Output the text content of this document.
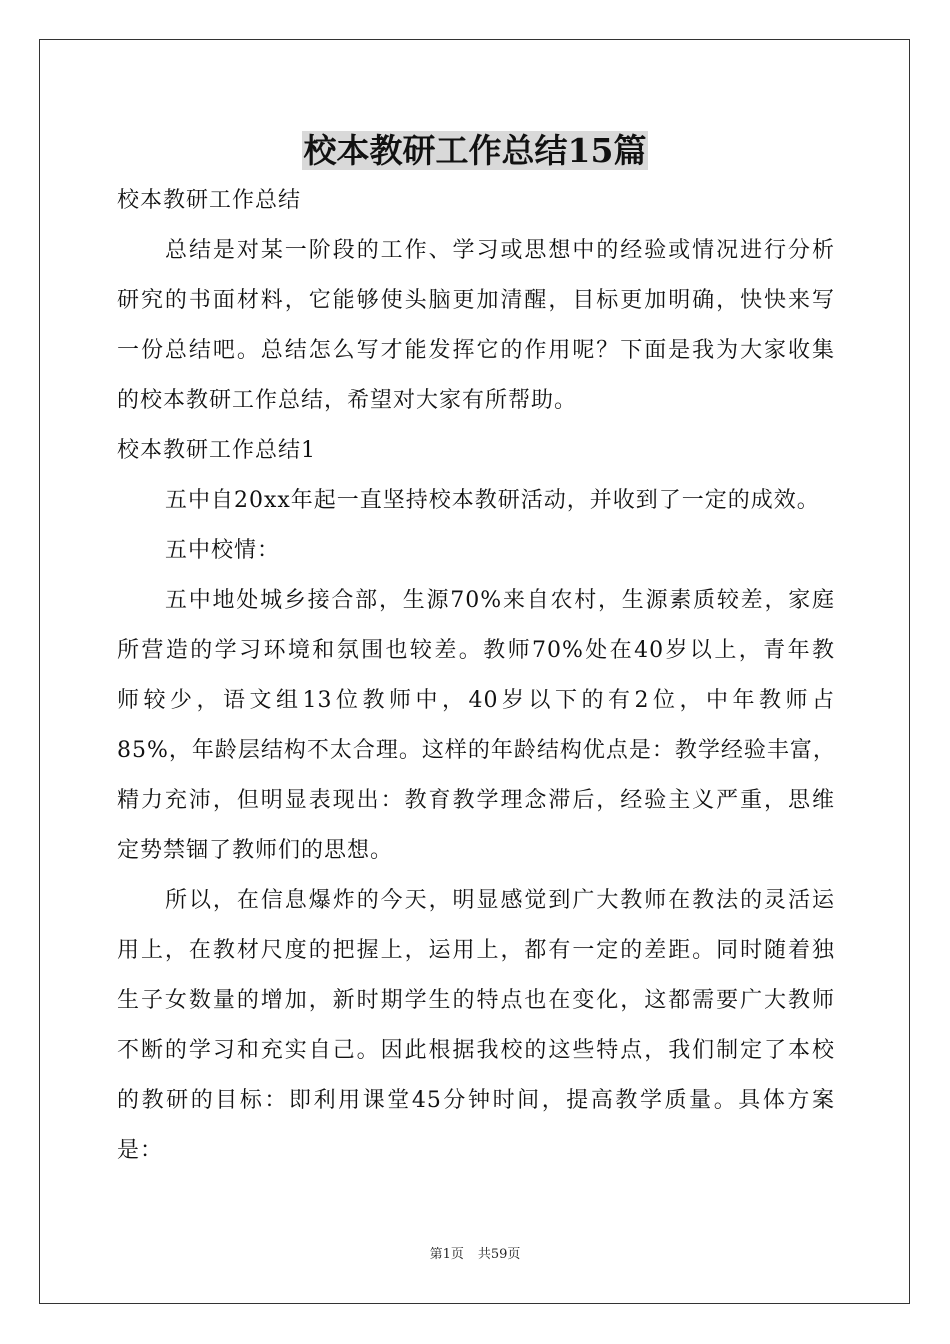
校本教研工作总结15篇
校本教研工作总结
总结是对某一阶段的工作、学习或思想中的经验或情况进行分析
研究的书面材料，它能够使头脑更加清醒，目标更加明确，快快来写
一份总结吧。总结怎么写才能发挥它的作用呢？下面是我为大家收集
的校本教研工作总结，希望对大家有所帮助。
校本教研工作总结1
五中自20xx年起一直坚持校本教研活动，并收到了一定的成效。
五中校情：
五中地处城乡接合部，生源70%来自农村，生源素质较差，家庭
所营造的学习环境和氛围也较差。教师70%处在40岁以上，青年教
师较少，语文组13位教师中，40岁以下的有2位，中年教师占
85%，年龄层结构不太合理。这样的年龄结构优点是：教学经验丰富，
精力充沛，但明显表现出：教育教学理念滞后，经验主义严重，思维
定势禁锢了教师们的思想。
所以，在信息爆炸的今天，明显感觉到广大教师在教法的灵活运
用上，在教材尺度的把握上，运用上，都有一定的差距。同时随着独
生子女数量的增加，新时期学生的特点也在变化，这都需要广大教师
不断的学习和充实自己。因此根据我校的这些特点，我们制定了本校
的教研的目标：即利用课堂45分钟时间，提高教学质量。具体方案
是：
第1页 共59页
